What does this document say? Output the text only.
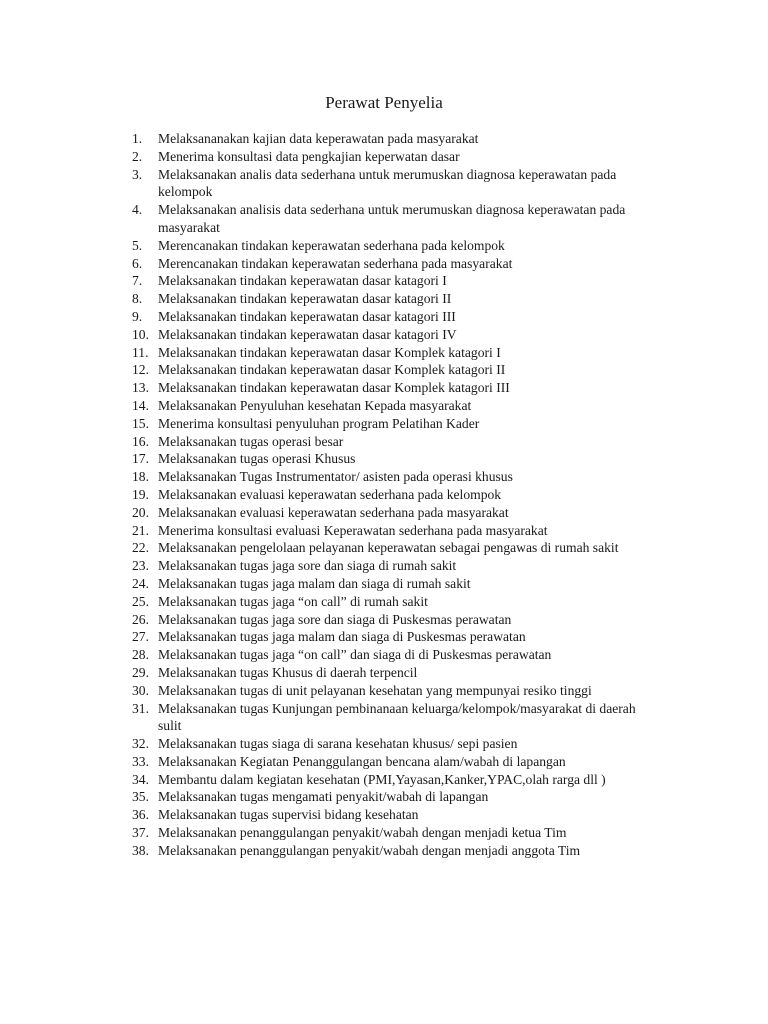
Perawat Penyelia
1. Melaksananakan kajian data keperawatan pada masyarakat
2. Menerima konsultasi data pengkajian keperwatan dasar
3. Melaksanakan analis data sederhana untuk merumuskan diagnosa keperawatan pada kelompok
4. Melaksanakan analisis data sederhana untuk merumuskan diagnosa keperawatan pada masyarakat
5. Merencanakan tindakan keperawatan sederhana pada kelompok
6. Merencanakan tindakan keperawatan sederhana pada masyarakat
7. Melaksanakan tindakan keperawatan dasar katagori I
8. Melaksanakan tindakan keperawatan dasar katagori II
9. Melaksanakan tindakan keperawatan dasar katagori III
10. Melaksanakan tindakan keperawatan dasar katagori IV
11. Melaksanakan tindakan keperawatan dasar Komplek katagori I
12. Melaksanakan tindakan keperawatan dasar Komplek katagori II
13. Melaksanakan tindakan keperawatan dasar Komplek katagori III
14. Melaksanakan Penyuluhan kesehatan Kepada masyarakat
15. Menerima konsultasi penyuluhan program Pelatihan Kader
16. Melaksanakan tugas operasi besar
17. Melaksanakan tugas operasi Khusus
18. Melaksanakan Tugas Instrumentator/ asisten pada operasi khusus
19. Melaksanakan evaluasi keperawatan sederhana pada kelompok
20. Melaksanakan evaluasi keperawatan sederhana pada masyarakat
21. Menerima konsultasi evaluasi Keperawatan sederhana pada masyarakat
22. Melaksanakan pengelolaan pelayanan keperawatan sebagai pengawas di rumah sakit
23. Melaksanakan tugas jaga sore dan siaga di rumah sakit
24. Melaksanakan tugas jaga malam dan siaga di rumah sakit
25. Melaksanakan tugas jaga “on call” di rumah sakit
26. Melaksanakan tugas jaga sore dan siaga di Puskesmas perawatan
27. Melaksanakan tugas jaga malam dan siaga di Puskesmas perawatan
28. Melaksanakan tugas jaga “on call” dan siaga di di Puskesmas perawatan
29. Melaksanakan tugas Khusus di daerah terpencil
30. Melaksanakan tugas di unit pelayanan kesehatan yang mempunyai resiko tinggi
31. Melaksanakan tugas Kunjungan pembinanaan keluarga/kelompok/masyarakat di daerah sulit
32. Melaksanakan tugas siaga di sarana kesehatan khusus/ sepi pasien
33. Melaksanakan Kegiatan Penanggulangan bencana alam/wabah di lapangan
34. Membantu dalam kegiatan kesehatan (PMI,Yayasan,Kanker,YPAC,olah rarga dll )
35. Melaksanakan tugas mengamati penyakit/wabah di lapangan
36. Melaksanakan tugas supervisi bidang kesehatan
37. Melaksanakan penanggulangan penyakit/wabah dengan menjadi ketua Tim
38. Melaksanakan penanggulangan penyakit/wabah dengan menjadi anggota Tim
